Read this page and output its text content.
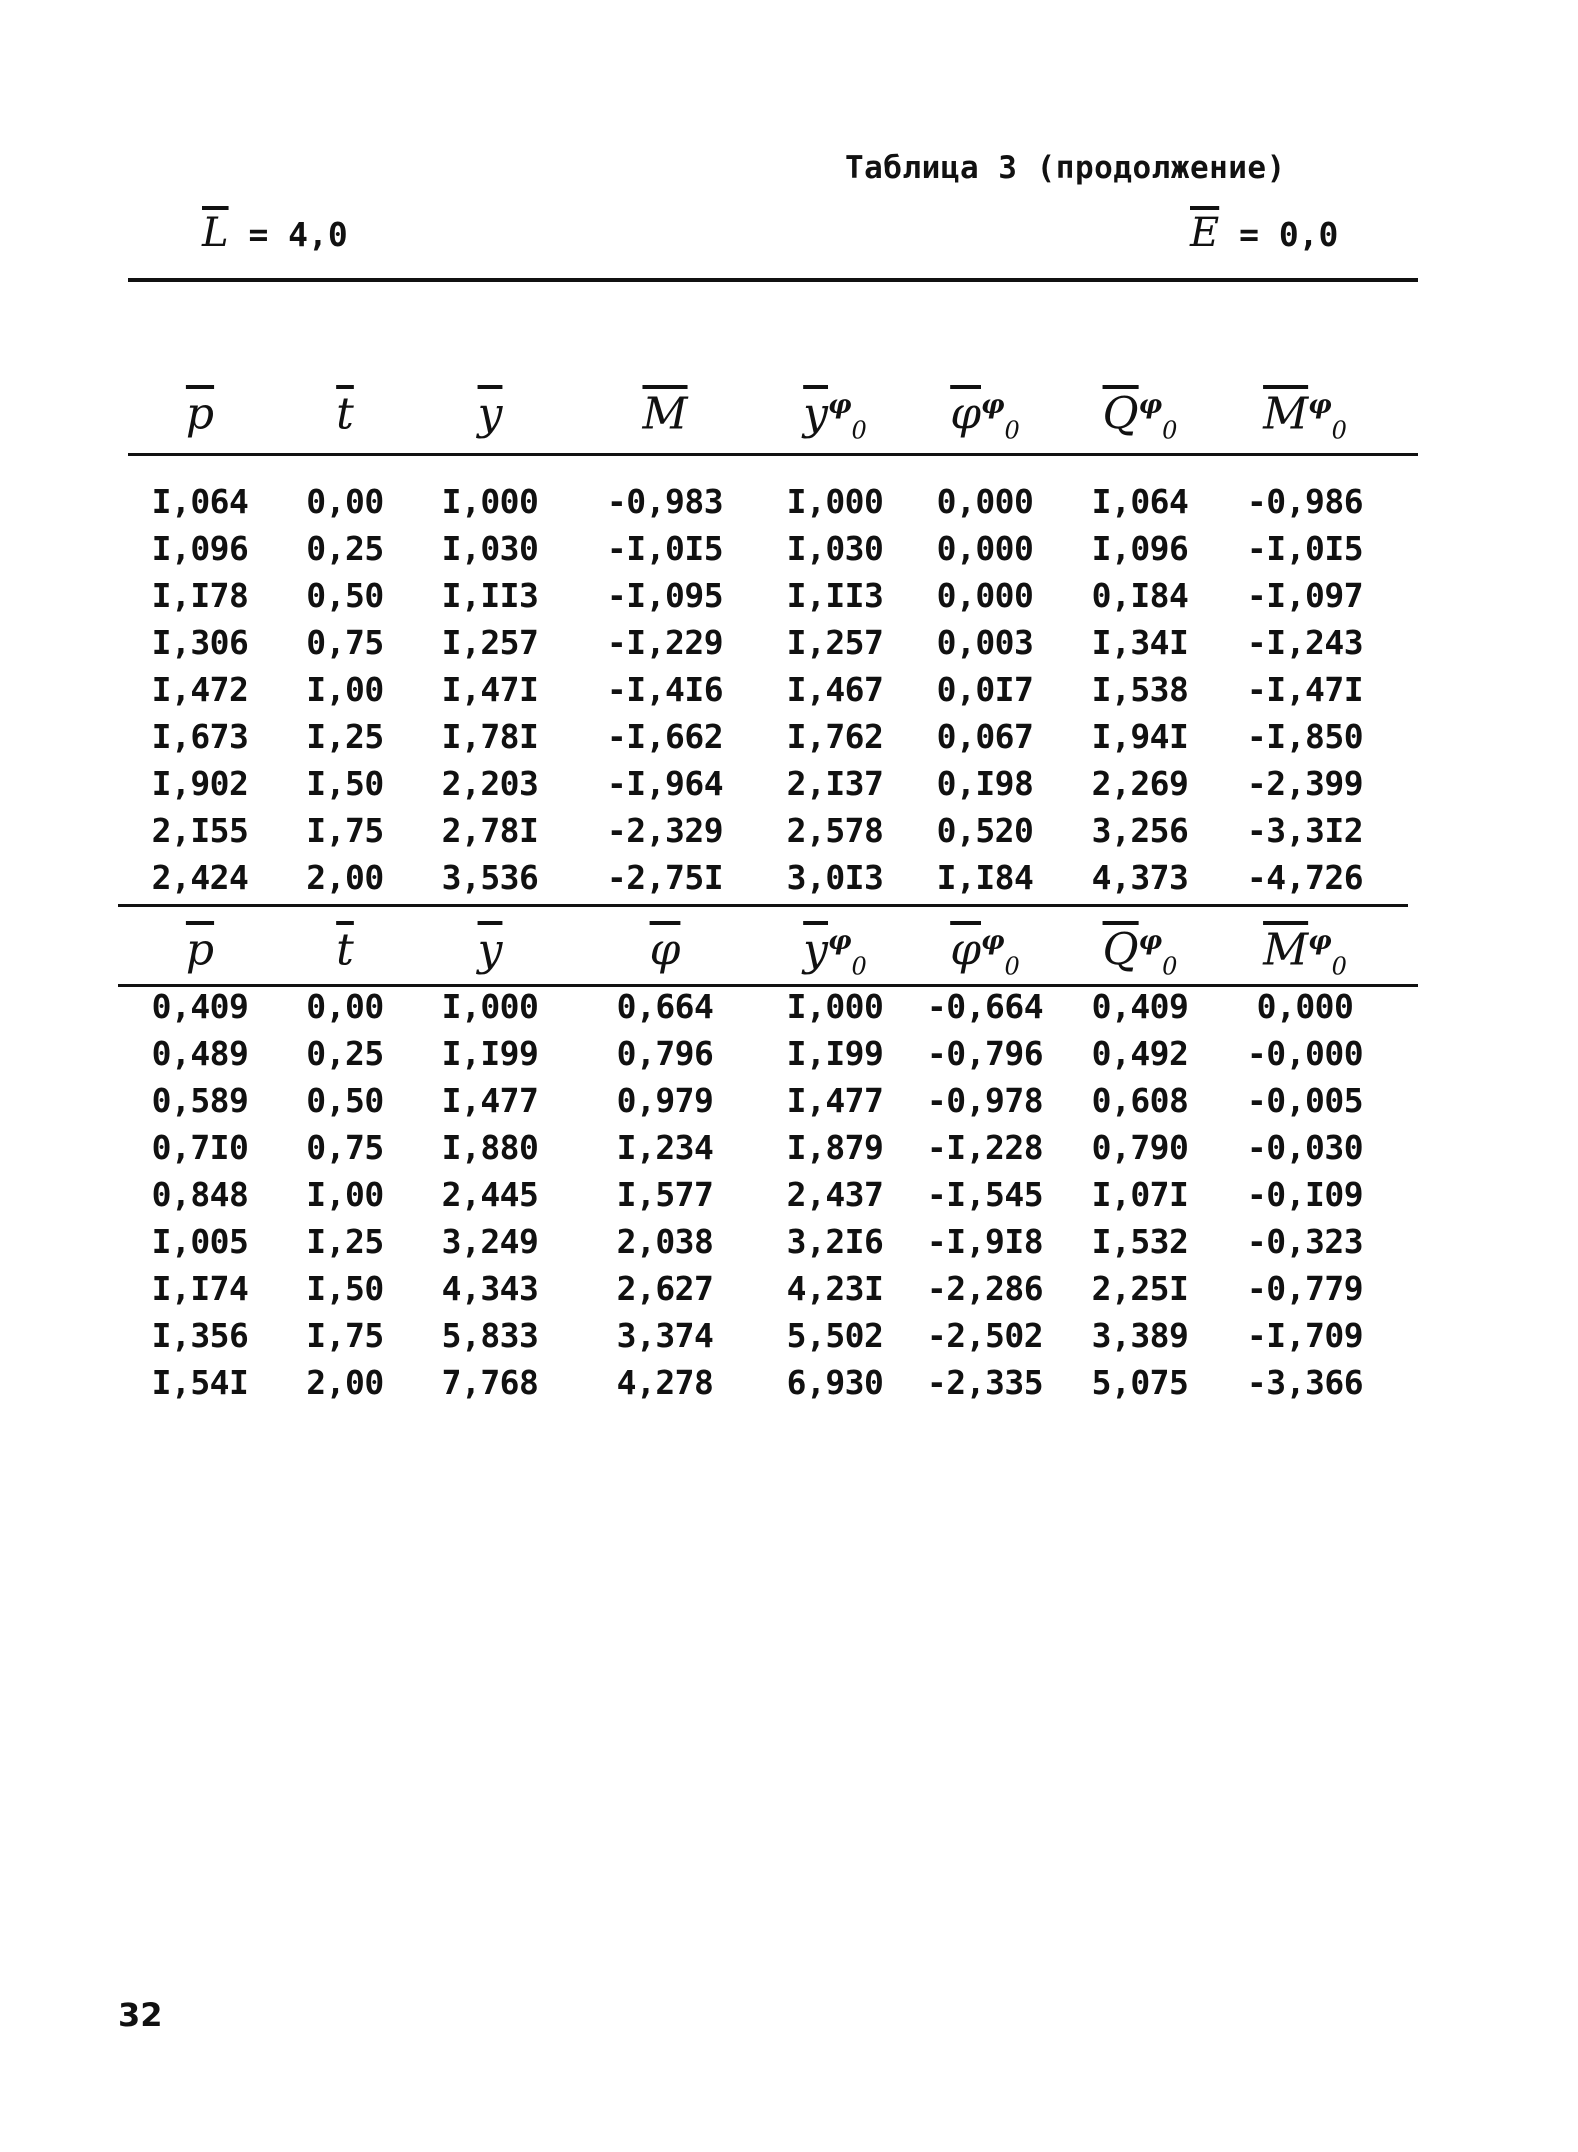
Таблица 3 (продолжение)
$\overline{L} = 4,0$	$\overline{E} = 0,0$
$\overline{p}$	$\overline{t}$	$\overline{y}$	$\overline{M}$	$\overline{y}^\varphi_0$	$\overline{\varphi}^\varphi_0$	$\overline{Q}^\varphi_0$	$\overline{M}^\varphi_0$
I,064	0,00	I,000	-0,983	I,000	0,000	I,064	-0,986
I,096	0,25	I,030	-I,0I5	I,030	0,000	I,096	-I,0I5
I,I78	0,50	I,II3	-I,095	I,II3	0,000	0,I84	-I,097
I,306	0,75	I,257	-I,229	I,257	0,003	I,34I	-I,243
I,472	I,00	I,47I	-I,4I6	I,467	0,0I7	I,538	-I,47I
I,673	I,25	I,78I	-I,662	I,762	0,067	I,94I	-I,850
I,902	I,50	2,203	-I,964	2,I37	0,I98	2,269	-2,399
2,I55	I,75	2,78I	-2,329	2,578	0,520	3,256	-3,3I2
2,424	2,00	3,536	-2,75I	3,0I3	I,I84	4,373	-4,726
$\overline{p}$	$\overline{t}$	$\overline{y}$	$\overline{\varphi}$	$\overline{y}^\varphi_0$	$\overline{\varphi}^\varphi_0$	$\overline{Q}^\varphi_0$	$\overline{M}^\varphi_0$
0,409	0,00	I,000	0,664	I,000	-0,664	0,409	0,000
0,489	0,25	I,I99	0,796	I,I99	-0,796	0,492	-0,000
0,589	0,50	I,477	0,979	I,477	-0,978	0,608	-0,005
0,7I0	0,75	I,880	I,234	I,879	-I,228	0,790	-0,030
0,848	I,00	2,445	I,577	2,437	-I,545	I,07I	-0,I09
I,005	I,25	3,249	2,038	3,2I6	-I,9I8	I,532	-0,323
I,I74	I,50	4,343	2,627	4,23I	-2,286	2,25I	-0,779
I,356	I,75	5,833	3,374	5,502	-2,502	3,389	-I,709
I,54I	2,00	7,768	4,278	6,930	-2,335	5,075	-3,366
32
